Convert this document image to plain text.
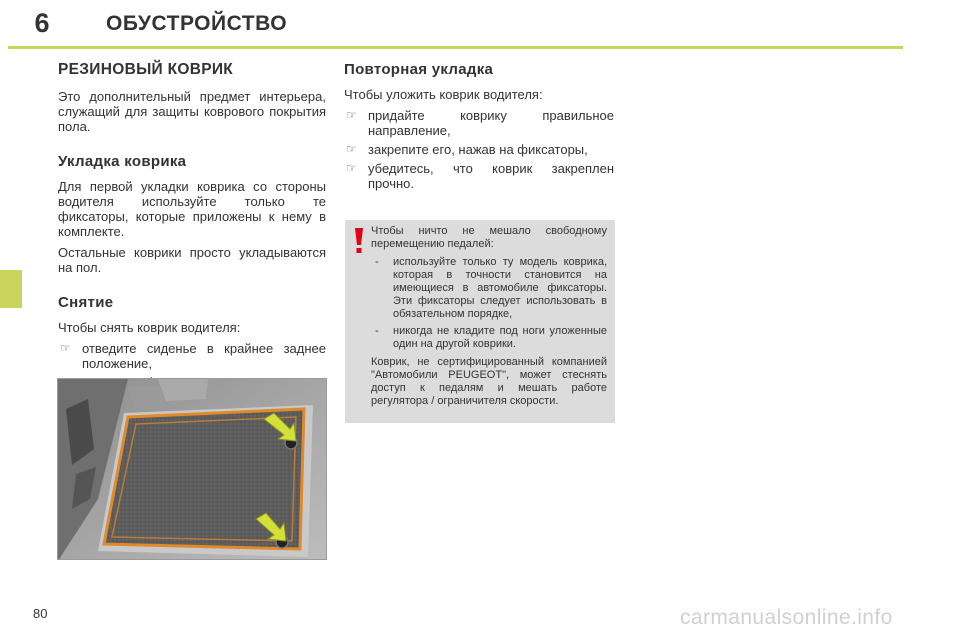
6	ОБУСТРОЙСТВО
РЕЗИНОВЫЙ КОВРИК

Это дополнительный предмет интерьера, служащий для защиты коврового покрытия пола.

Укладка коврика

Для первой укладки коврика со стороны водителя используйте только те фиксаторы, которые приложены к нему в комплекте.

Остальные коврики просто укладываются на пол.

Снятие

Чтобы снять коврик водителя:

☞ отведите сиденье в крайнее заднее положение,
Повторная укладка

Чтобы уложить коврик водителя:

☞ придайте коврику правильное направление,
☞ закрепите его, нажав на фиксаторы,
☞ убедитесь, что коврик закреплен прочно.

Чтобы ничто не мешало свободному перемещению педалей:

- используйте только ту модель коврика, которая в точности становится на имеющиеся в автомобиле фиксаторы. Эти фиксаторы следует использовать в обязательном порядке,
- никогда не кладите под ноги уложенные один на другой коврики.

Коврик, не сертифицированный компанией "Автомобили PEUGEOT", может стеснять доступ к педалям и мешать работе регулятора / ограничителя скорости.

80	carmanualsonline.info
